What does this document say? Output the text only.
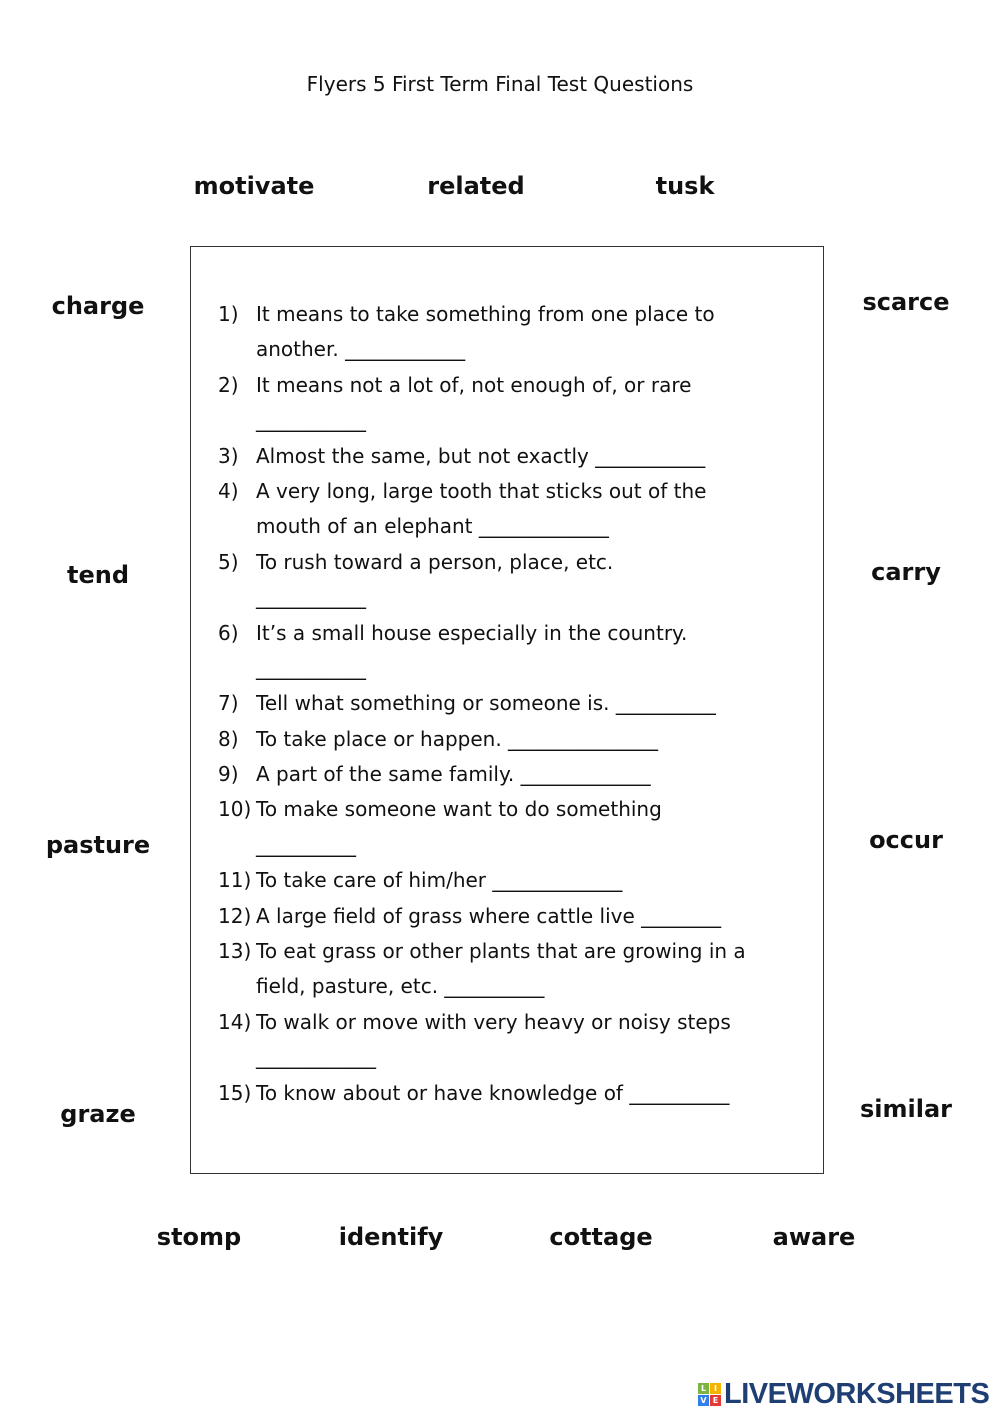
Flyers 5 First Term Final Test Questions
motivate	related	tusk
charge
tend
pasture
graze
scarce
carry
occur
similar
stomp	identify	cottage	aware
1) It means to take something from one place to
another. ____________
2) It means not a lot of, not enough of, or rare
___________
3) Almost the same, but not exactly ___________
4) A very long, large tooth that sticks out of the
mouth of an elephant _____________
5) To rush toward a person, place, etc.
___________
6) It’s a small house especially in the country.
___________
7) Tell what something or someone is. __________
8) To take place or happen. _______________
9) A part of the same family. _____________
10) To make someone want to do something
__________
11) To take care of him/her _____________
12) A large field of grass where cattle live ________
13) To eat grass or other plants that are growing in a
field, pasture, etc. __________
14) To walk or move with very heavy or noisy steps
____________
15) To know about or have knowledge of __________
L I
V E LIVEWORKSHEETS
